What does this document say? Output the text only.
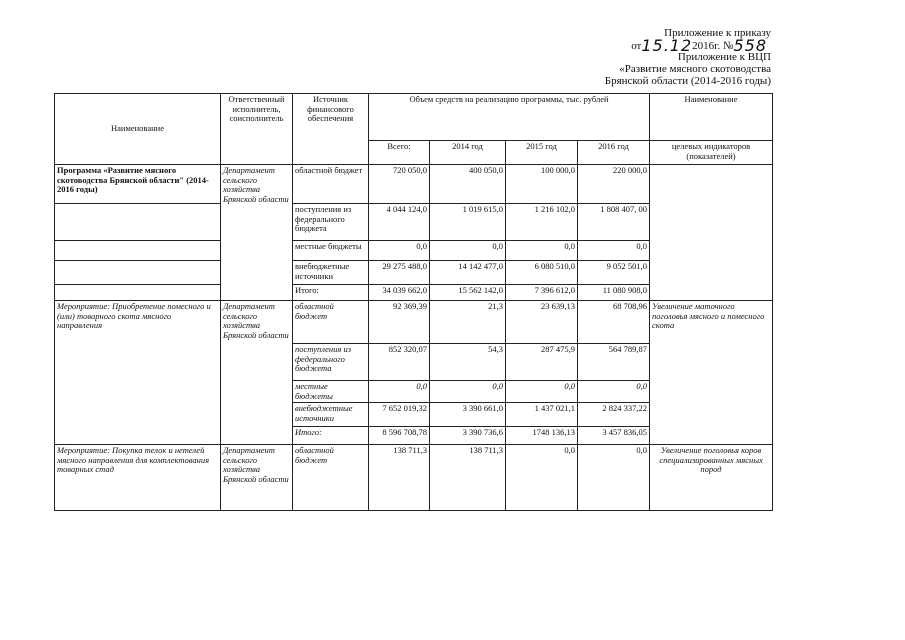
Приложение к приказу
от15.122016г. №558
Приложение к ВЦП
«Развитие мясного скотоводства
Брянской области (2014-2016 годы)
Наименование	Ответственный исполнитель, соисполнитель	Источник финансового обеспечения	Объем средств на реализацию программы, тыс. рублей				Наименование
			Всего:	2014 год	2015 год	2016 год	целевых индикаторов (показателей)
Программа «Развитие мясного скотоводства Брянской области" (2014-2016 годы)	Департамент сельского хозяйства Брянской области	областной бюджет	720 050,0	400 050,0	100 000,0	220 000,0	
		поступления из федерального бюджета	4 044 124,0	1 019 615,0	1 216 102,0	1 808 407, 00	
		местные бюджеты	0,0	0,0	0,0	0,0	
		внебюджетные источники	29 275 488,0	14 142 477,0	6 080 510,0	9 052 501,0	
		Итого:	34 039 662,0	15 562 142,0	7 396 612,0	11 080 908,0	
Мероприятие: Приобретение помесного и (или) товарного скота мясного направления	Департамент сельского хозяйства Брянской области	областной бюджет	92 369,39	21,3	23 639,13	68 708,96	Увеличение маточного поголовья мясного и помесного скота
		поступления из федерального бюджета	852 320,07	54,3	287 475,9	564 789,87	
		местные бюджеты	0,0	0,0	0,0	0,0	
		внебюджетные источники	7 652 019,32	3 390 661,0	1 437 021,1	2 824 337,22	
		Итого:	8 596 708,78	3 390 736,6	1748 136,13	3 457 836,05	
Мероприятие: Покупка телок и нетелей мясного направления для комплектования товарных стад	Департамент сельского хозяйства Брянской области	областной бюджет	138 711,3	138 711,3	0,0	0,0	Увеличение поголовья коров специализированных мясных пород
